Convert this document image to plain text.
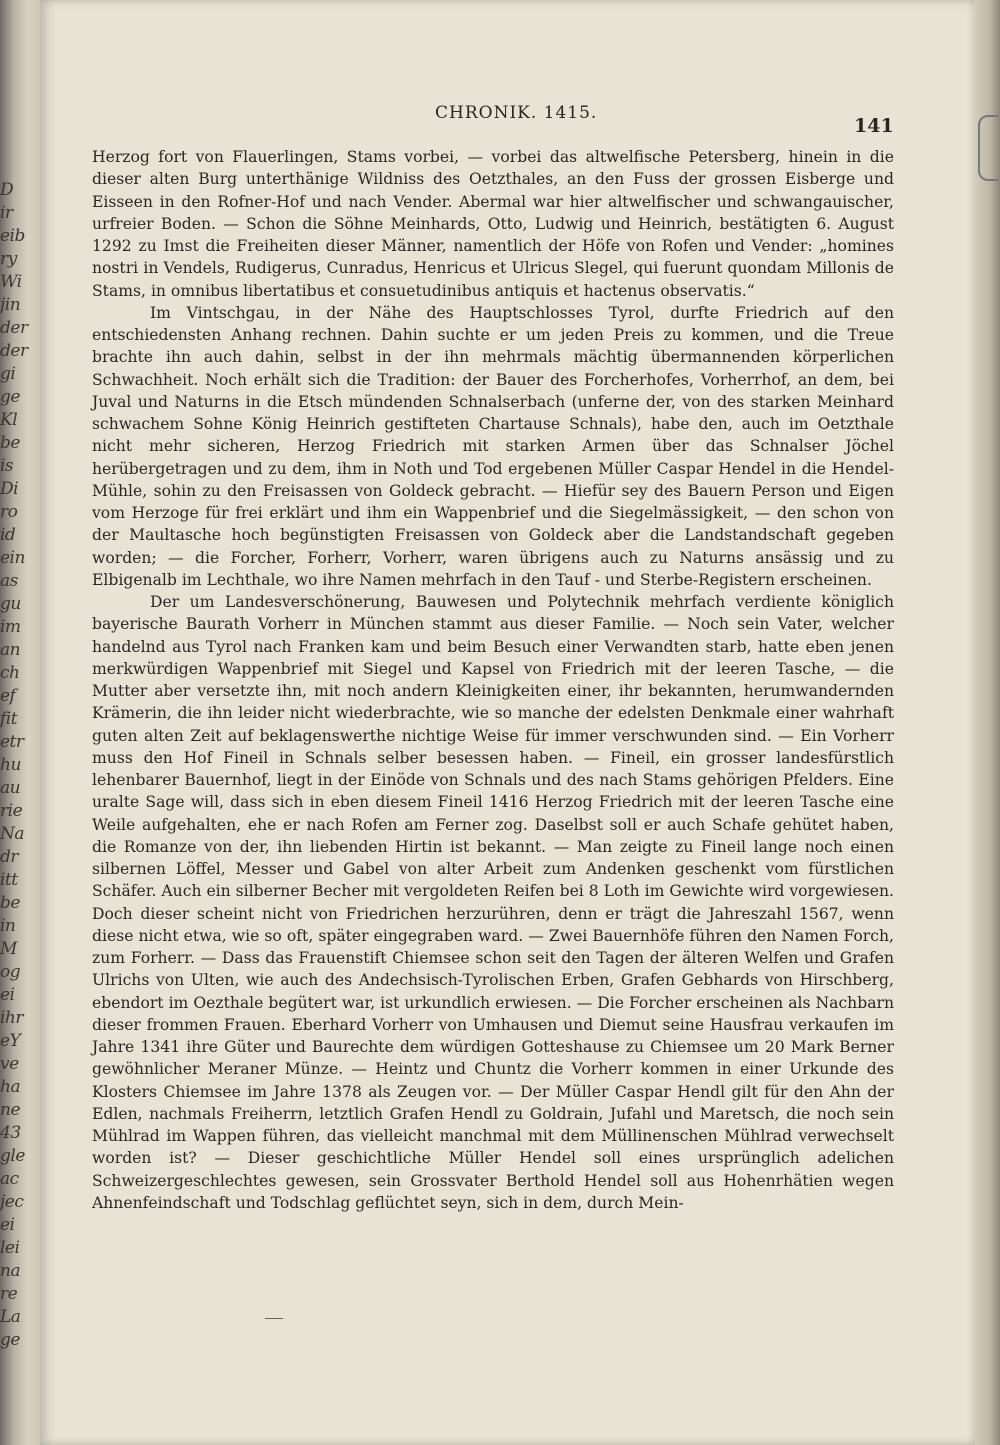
D
ir
eib
ry
Wi
jin
der
der
gi
ge
Kl
be
is
Di
ro
id
ein
as
gu
im
an
ch
ef
fit
etr
hu
au
rie
Na
dr
itt
be
in
M
og
ei
ihr
eY
ve
ha
ne
43
gle
ac
jec
ei
lei
na
re
La
ge
CHRONIK. 1415.
141

Herzog fort von Flauerlingen, Stams vorbei, — vorbei das altwelfische Petersberg, hinein in die dieser alten Burg unterthänige Wildniss des Oetzthales, an den Fuss der grossen Eisberge und Eisseen in den Rofner-Hof und nach Vender. Abermal war hier altwelfischer und schwangauischer, urfreier Boden. — Schon die Söhne Meinhards, Otto, Ludwig und Heinrich, bestätigten 6. August 1292 zu Imst die Freiheiten dieser Männer, namentlich der Höfe von Rofen und Vender: „homines nostri in Vendels, Rudigerus, Cunradus, Henricus et Ulricus Slegel, qui fuerunt quondam Millonis de Stams, in omnibus libertatibus et consuetudinibus antiquis et hactenus observatis.“

Im Vintschgau, in der Nähe des Hauptschlosses Tyrol, durfte Friedrich auf den entschiedensten Anhang rechnen. Dahin suchte er um jeden Preis zu kommen, und die Treue brachte ihn auch dahin, selbst in der ihn mehrmals mächtig übermannenden körperlichen Schwachheit. Noch erhält sich die Tradition: der Bauer des Forcherhofes, Vorherrhof, an dem, bei Juval und Naturns in die Etsch mündenden Schnalserbach (unferne der, von des starken Meinhard schwachem Sohne König Heinrich gestifteten Chartause Schnals), habe den, auch im Oetzthale nicht mehr sicheren, Herzog Friedrich mit starken Armen über das Schnalser Jöchel herübergetragen und zu dem, ihm in Noth und Tod ergebenen Müller Caspar Hendel in die Hendel-Mühle, sohin zu den Freisassen von Goldeck gebracht. — Hiefür sey des Bauern Person und Eigen vom Herzoge für frei erklärt und ihm ein Wappenbrief und die Siegelmässigkeit, — den schon von der Maultasche hoch begünstigten Freisassen von Goldeck aber die Landstandschaft gegeben worden; — die Forcher, Forherr, Vorherr, waren übrigens auch zu Naturns ansässig und zu Elbigenalb im Lechthale, wo ihre Namen mehrfach in den Tauf - und Sterbe-Registern erscheinen.

Der um Landesverschönerung, Bauwesen und Polytechnik mehrfach verdiente königlich bayerische Baurath Vorherr in München stammt aus dieser Familie. — Noch sein Vater, welcher handelnd aus Tyrol nach Franken kam und beim Besuch einer Verwandten starb, hatte eben jenen merkwürdigen Wappenbrief mit Siegel und Kapsel von Friedrich mit der leeren Tasche, — die Mutter aber versetzte ihn, mit noch andern Kleinigkeiten einer, ihr bekannten, herumwandernden Krämerin, die ihn leider nicht wiederbrachte, wie so manche der edelsten Denkmale einer wahrhaft guten alten Zeit auf beklagenswerthe nichtige Weise für immer verschwunden sind. — Ein Vorherr muss den Hof Fineil in Schnals selber besessen haben. — Fineil, ein grosser landesfürstlich lehenbarer Bauernhof, liegt in der Einöde von Schnals und des nach Stams gehörigen Pfelders. Eine uralte Sage will, dass sich in eben diesem Fineil 1416 Herzog Friedrich mit der leeren Tasche eine Weile aufgehalten, ehe er nach Rofen am Ferner zog. Daselbst soll er auch Schafe gehütet haben, die Romanze von der, ihn liebenden Hirtin ist bekannt. — Man zeigte zu Fineil lange noch einen silbernen Löffel, Messer und Gabel von alter Arbeit zum Andenken geschenkt vom fürstlichen Schäfer. Auch ein silberner Becher mit vergoldeten Reifen bei 8 Loth im Gewichte wird vorgewiesen. Doch dieser scheint nicht von Friedrichen herzurühren, denn er trägt die Jahreszahl 1567, wenn diese nicht etwa, wie so oft, später eingegraben ward. — Zwei Bauernhöfe führen den Namen Forch, zum Forherr. — Dass das Frauenstift Chiemsee schon seit den Tagen der älteren Welfen und Grafen Ulrichs von Ulten, wie auch des Andechsisch-Tyrolischen Erben, Grafen Gebhards von Hirschberg, ebendort im Oezthale begütert war, ist urkundlich erwiesen. — Die Forcher erscheinen als Nachbarn dieser frommen Frauen. Eberhard Vorherr von Umhausen und Diemut seine Hausfrau verkaufen im Jahre 1341 ihre Güter und Baurechte dem würdigen Gotteshause zu Chiemsee um 20 Mark Berner gewöhnlicher Meraner Münze. — Heintz und Chuntz die Vorherr kommen in einer Urkunde des Klosters Chiemsee im Jahre 1378 als Zeugen vor. — Der Müller Caspar Hendl gilt für den Ahn der Edlen, nachmals Freiherrn, letztlich Grafen Hendl zu Goldrain, Jufahl und Maretsch, die noch sein Mühlrad im Wappen führen, das vielleicht manchmal mit dem Müllinenschen Mühlrad verwechselt worden ist? — Dieser geschichtliche Müller Hendel soll eines ursprünglich adelichen Schweizergeschlechtes gewesen, sein Grossvater Berthold Hendel soll aus Hohenrhätien wegen Ahnenfeindschaft und Todschlag geflüchtet seyn, sich in dem, durch Mein-
